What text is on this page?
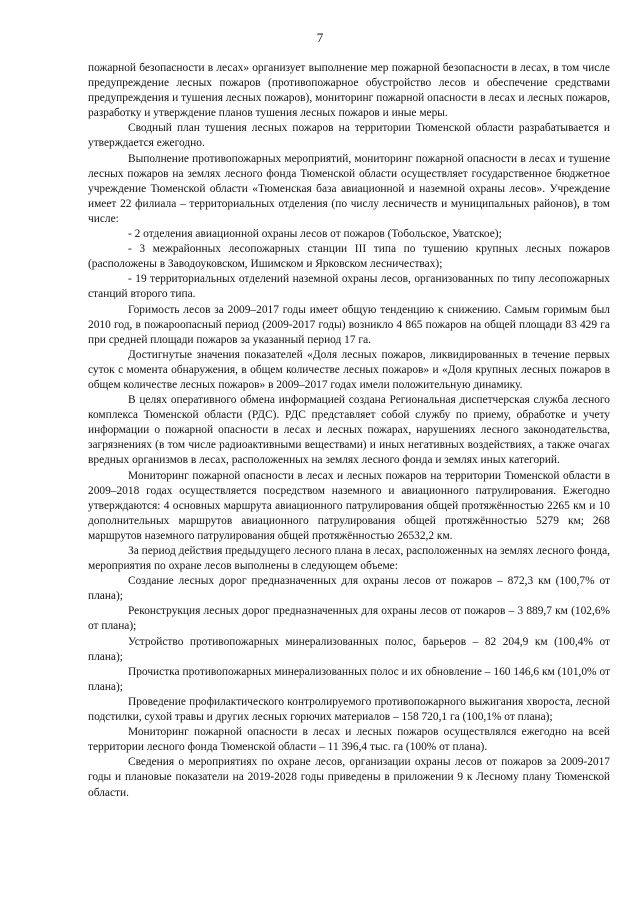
7

пожарной безопасности в лесах» организует выполнение мер пожарной безопасности в лесах, в том числе предупреждение лесных пожаров (противопожарное обустройство лесов и обеспечение средствами предупреждения и тушения лесных пожаров), мониторинг пожарной опасности в лесах и лесных пожаров, разработку и утверждение планов тушения лесных пожаров и иные меры.

Сводный план тушения лесных пожаров на территории Тюменской области разрабатывается и утверждается ежегодно.

Выполнение противопожарных мероприятий, мониторинг пожарной опасности в лесах и тушение лесных пожаров на землях лесного фонда Тюменской области осуществляет государственное бюджетное учреждение Тюменской области «Тюменская база авиационной и наземной охраны лесов». Учреждение имеет 22 филиала – территориальных отделения (по числу лесничеств и муниципальных районов), в том числе:

- 2 отделения авиационной охраны лесов от пожаров (Тобольское, Уватское);

- 3 межрайонных лесопожарных станции III типа по тушению крупных лесных пожаров (расположены в Заводоуковском, Ишимском и Ярковском лесничествах);

- 19 территориальных отделений наземной охраны лесов, организованных по типу лесопожарных станций второго типа.

Горимость лесов за 2009–2017 годы имеет общую тенденцию к снижению. Самым горимым был 2010 год, в пожароопасный период (2009-2017 годы) возникло 4 865 пожаров на общей площади 83 429 га при средней площади пожаров за указанный период 17 га.

Достигнутые значения показателей «Доля лесных пожаров, ликвидированных в течение первых суток с момента обнаружения, в общем количестве лесных пожаров» и «Доля крупных лесных пожаров в общем количестве лесных пожаров» в 2009–2017 годах имели положительную динамику.

В целях оперативного обмена информацией создана Региональная диспетчерская служба лесного комплекса Тюменской области (РДС). РДС представляет собой службу по приему, обработке и учету информации о пожарной опасности в лесах и лесных пожарах, нарушениях лесного законодательства, загрязнениях (в том числе радиоактивными веществами) и иных негативных воздействиях, а также очагах вредных организмов в лесах, расположенных на землях лесного фонда и землях иных категорий.

Мониторинг пожарной опасности в лесах и лесных пожаров на территории Тюменской области в 2009–2018 годах осуществляется посредством наземного и авиационного патрулирования. Ежегодно утверждаются: 4 основных маршрута авиационного патрулирования общей протяжённостью 2265 км и 10 дополнительных маршрутов авиационного патрулирования общей протяжённостью 5279 км; 268 маршрутов наземного патрулирования общей протяжённостью 26532,2 км.

За период действия предыдущего лесного плана в лесах, расположенных на землях лесного фонда, мероприятия по охране лесов выполнены в следующем объеме:

Создание лесных дорог предназначенных для охраны лесов от пожаров – 872,3 км (100,7% от плана);

Реконструкция лесных дорог предназначенных для охраны лесов от пожаров – 3 889,7 км (102,6% от плана);

Устройство противопожарных минерализованных полос, барьеров – 82 204,9 км (100,4% от плана);

Прочистка противопожарных минерализованных полос и их обновление – 160 146,6 км (101,0% от плана);

Проведение профилактического контролируемого противопожарного выжигания хвороста, лесной подстилки, сухой травы и других лесных горючих материалов – 158 720,1 га (100,1% от плана);

Мониторинг пожарной опасности в лесах и лесных пожаров осуществлялся ежегодно на всей территории лесного фонда Тюменской области – 11 396,4 тыс. га (100% от плана).

Сведения о мероприятиях по охране лесов, организации охраны лесов от пожаров за 2009-2017 годы и плановые показатели на 2019-2028 годы приведены в приложении 9 к Лесному плану Тюменской области.
